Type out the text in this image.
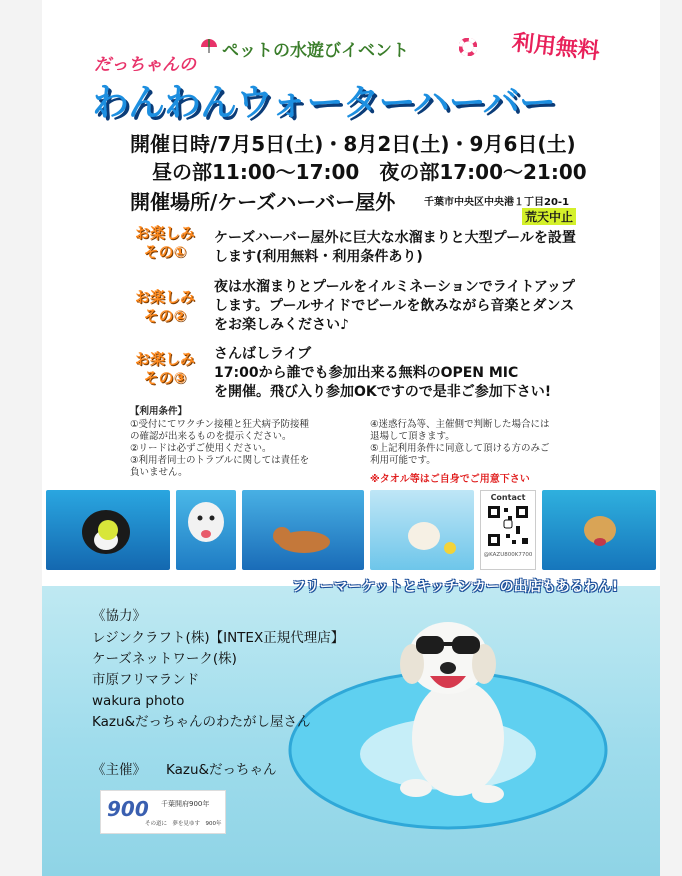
ペットの水遊びイベント	利用無料
だっちゃんの
わんわんウォーターハーバー
開催日時/7月5日(土)・8月2日(土)・9月6日(土)
昼の部11:00〜17:00　夜の部17:00〜21:00
開催場所/ケーズハーバー屋外	千葉市中央区中央港１丁目20-1
荒天中止
お楽しみ
その①
ケーズハーバー屋外に巨大な水溜まりと大型プールを設置
します(利用無料・利用条件あり)
お楽しみ
その②
夜は水溜まりとプールをイルミネーションでライトアップ
します。プールサイドでビールを飲みながら音楽とダンス
をお楽しみください♪
お楽しみ
その③
さんばしライブ
17:00から誰でも参加出来る無料のOPEN MIC
を開催。飛び入り参加OKですので是非ご参加下さい!
【利用条件】
①受付にてワクチン接種と狂犬病予防接種
の確認が出来るものを提示ください。
②リードは必ずご使用ください。
③利用者同士のトラブルに関しては責任を
負いません。
④迷惑行為等、主催側で判断した場合には
退場して頂きます。
⑤上記利用条件に同意して頂ける方のみご
利用可能です。
※タオル等はご自身でご用意下さい
Contact
@KAZU800K7700
フリーマーケットとキッチンカーの出店もあるわん!
《協力》
レジンクラフト(株)【INTEX正規代理店】
ケーズネットワーク(株)
市原フリマランド
wakura photo
Kazu&だっちゃんのわたがし屋さん
《主催》 Kazu&だっちゃん
900 千葉開府900年
その道に　夢を見ゆす　900年
